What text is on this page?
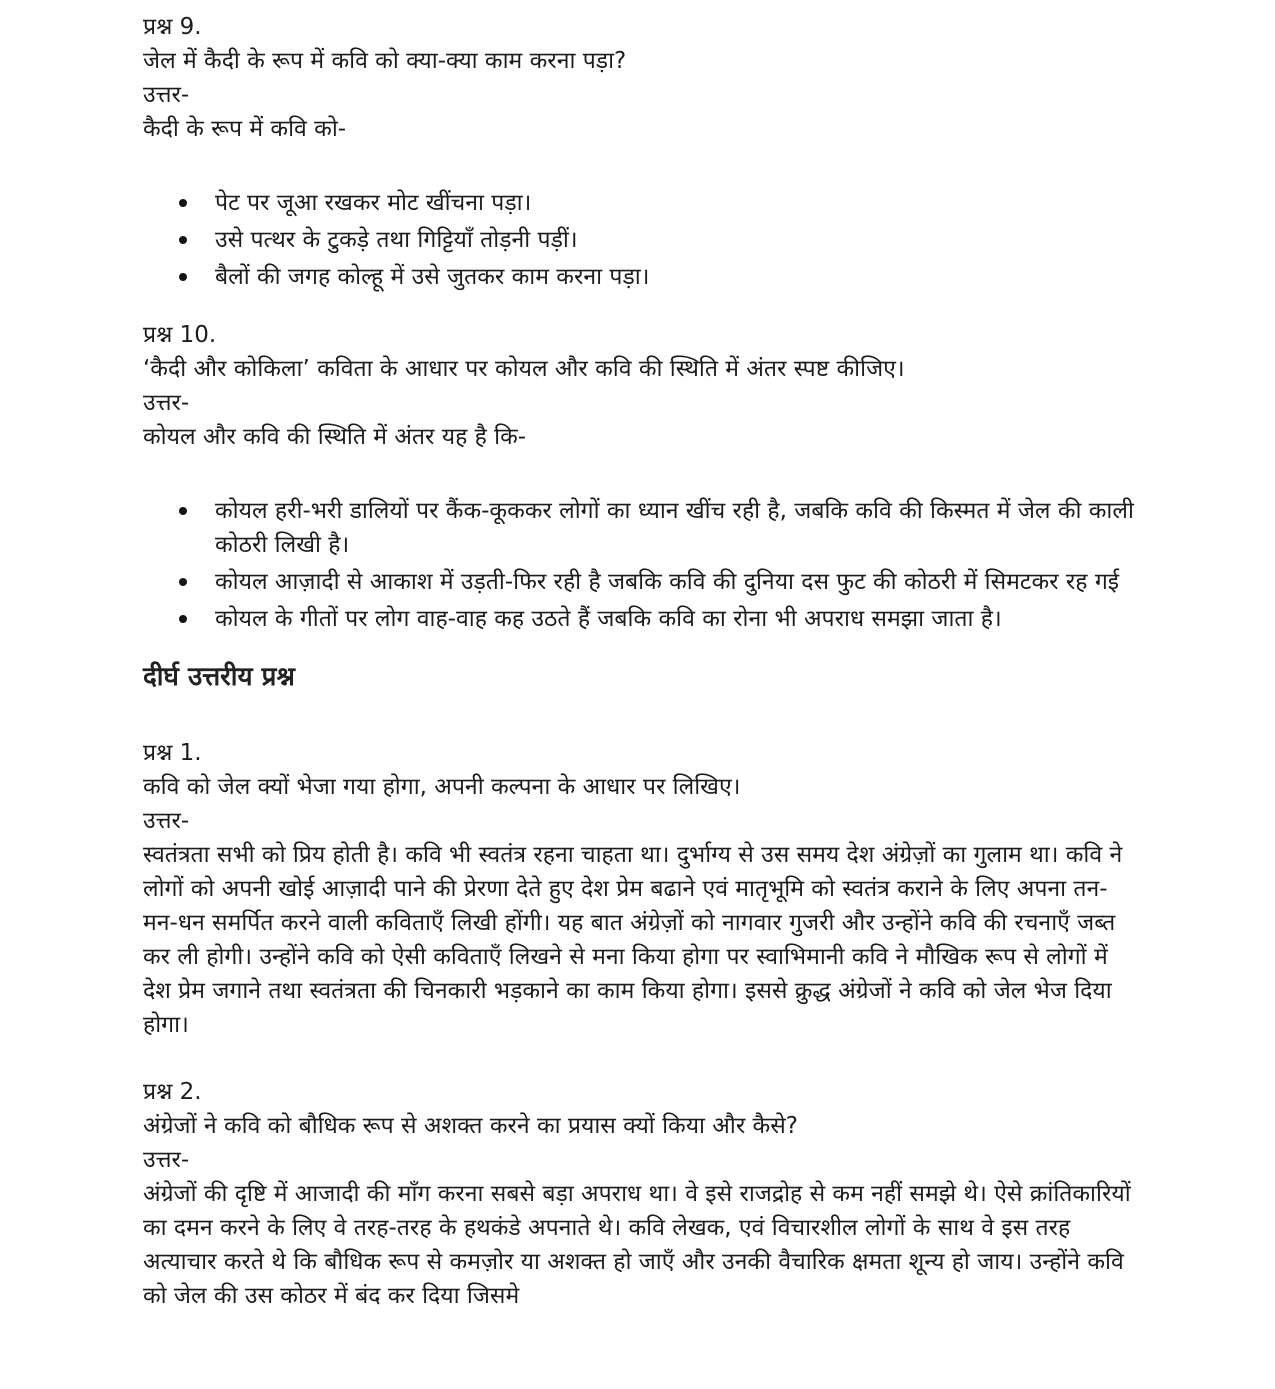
प्रश्न 9.

जेल में कैदी के रूप में कवि को क्या-क्या काम करना पड़ा?

उत्तर-

कैदी के रूप में कवि को-

पेट पर जूआ रखकर मोट खींचना पड़ा।
उसे पत्थर के टुकड़े तथा गिट्टियाँ तोड़नी पड़ीं।
बैलों की जगह कोल्हू में उसे जुतकर काम करना पड़ा।

प्रश्न 10.

‘कैदी और कोकिला’ कविता के आधार पर कोयल और कवि की स्थिति में अंतर स्पष्ट कीजिए।

उत्तर-

कोयल और कवि की स्थिति में अंतर यह है कि-

कोयल हरी-भरी डालियों पर कैंक-कूककर लोगों का ध्यान खींच रही है, जबकि कवि की किस्मत में जेल की काली कोठरी लिखी है।
कोयल आज़ादी से आकाश में उड़ती-फिर रही है जबकि कवि की दुनिया दस फुट की कोठरी में सिमटकर रह गई
कोयल के गीतों पर लोग वाह-वाह कह उठते हैं जबकि कवि का रोना भी अपराध समझा जाता है।
दीर्घ उत्तरीय प्रश्न

प्रश्न 1.

कवि को जेल क्यों भेजा गया होगा, अपनी कल्पना के आधार पर लिखिए।

उत्तर-

स्वतंत्रता सभी को प्रिय होती है। कवि भी स्वतंत्र रहना चाहता था। दुर्भाग्य से उस समय देश अंग्रेज़ों का गुलाम था। कवि ने लोगों को अपनी खोई आज़ादी पाने की प्रेरणा देते हुए देश प्रेम बढाने एवं मातृभूमि को स्वतंत्र कराने के लिए अपना तन-मन-धन समर्पित करने वाली कविताएँ लिखी होंगी। यह बात अंग्रेज़ों को नागवार गुजरी और उन्होंने कवि की रचनाएँ जब्त कर ली होगी। उन्होंने कवि को ऐसी कविताएँ लिखने से मना किया होगा पर स्वाभिमानी कवि ने मौखिक रूप से लोगों में देश प्रेम जगाने तथा स्वतंत्रता की चिनकारी भड़काने का काम किया होगा। इससे क्रुद्ध अंग्रेजों ने कवि को जेल भेज दिया होगा।

प्रश्न 2.

अंग्रेजों ने कवि को बौधिक रूप से अशक्त करने का प्रयास क्यों किया और कैसे?

उत्तर-

अंग्रेजों की दृष्टि में आजादी की माँग करना सबसे बड़ा अपराध था। वे इसे राजद्रोह से कम नहीं समझे थे। ऐसे क्रांतिकारियों का दमन करने के लिए वे तरह-तरह के हथकंडे अपनाते थे। कवि लेखक, एवं विचारशील लोगों के साथ वे इस तरह अत्याचार करते थे कि बौधिक रूप से कमज़ोर या अशक्त हो जाएँ और उनकी वैचारिक क्षमता शून्य हो जाय। उन्होंने कवि को जेल की उस कोठर में बंद कर दिया जिसमे
